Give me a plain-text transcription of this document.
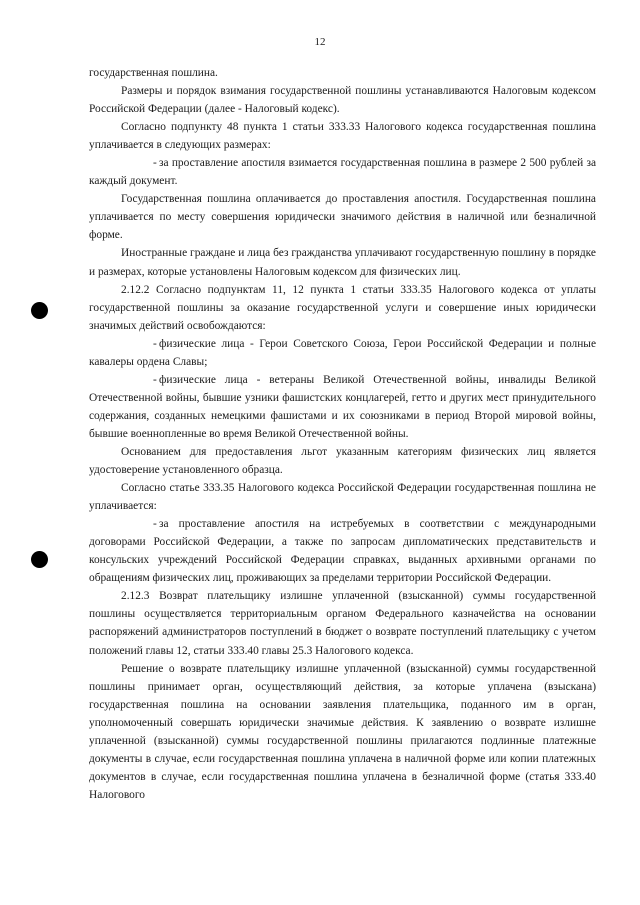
12

государственная пошлина.

Размеры и порядок взимания государственной пошлины устанавливаются Налоговым кодексом Российской Федерации (далее - Налоговый кодекс).

Согласно подпункту 48 пункта 1 статьи 333.33 Налогового кодекса государственная пошлина уплачивается в следующих размерах:

- за проставление апостиля взимается государственная пошлина в размере 2 500 рублей за каждый документ.

Государственная пошлина оплачивается до проставления апостиля. Государственная пошлина уплачивается по месту совершения юридически значимого действия в наличной или безналичной форме.

Иностранные граждане и лица без гражданства уплачивают государственную пошлину в порядке и размерах, которые установлены Налоговым кодексом для физических лиц.

2.12.2 Согласно подпунктам 11, 12 пункта 1 статьи 333.35 Налогового кодекса от уплаты государственной пошлины за оказание государственной услуги и совершение иных юридически значимых действий освобождаются:

- физические лица - Герои Советского Союза, Герои Российской Федерации и полные кавалеры ордена Славы;

- физические лица - ветераны Великой Отечественной войны, инвалиды Великой Отечественной войны, бывшие узники фашистских концлагерей, гетто и других мест принудительного содержания, созданных немецкими фашистами и их союзниками в период Второй мировой войны, бывшие военнопленные во время Великой Отечественной войны.

Основанием для предоставления льгот указанным категориям физических лиц является удостоверение установленного образца.

Согласно статье 333.35 Налогового кодекса Российской Федерации государственная пошлина не уплачивается:

- за проставление апостиля на истребуемых в соответствии с международными договорами Российской Федерации, а также по запросам дипломатических представительств и консульских учреждений Российской Федерации справках, выданных архивными органами по обращениям физических лиц, проживающих за пределами территории Российской Федерации.

2.12.3 Возврат плательщику излишне уплаченной (взысканной) суммы государственной пошлины осуществляется территориальным органом Федерального казначейства на основании распоряжений администраторов поступлений в бюджет о возврате поступлений плательщику с учетом положений главы 12, статьи 333.40 главы 25.3 Налогового кодекса.

Решение о возврате плательщику излишне уплаченной (взысканной) суммы государственной пошлины принимает орган, осуществляющий действия, за которые уплачена (взыскана) государственная пошлина на основании заявления плательщика, поданного им в орган, уполномоченный совершать юридически значимые действия. К заявлению о возврате излишне уплаченной (взысканной) суммы государственной пошлины прилагаются подлинные платежные документы в случае, если государственная пошлина уплачена в наличной форме или копии платежных документов в случае, если государственная пошлина уплачена в безналичной форме (статья 333.40 Налогового
